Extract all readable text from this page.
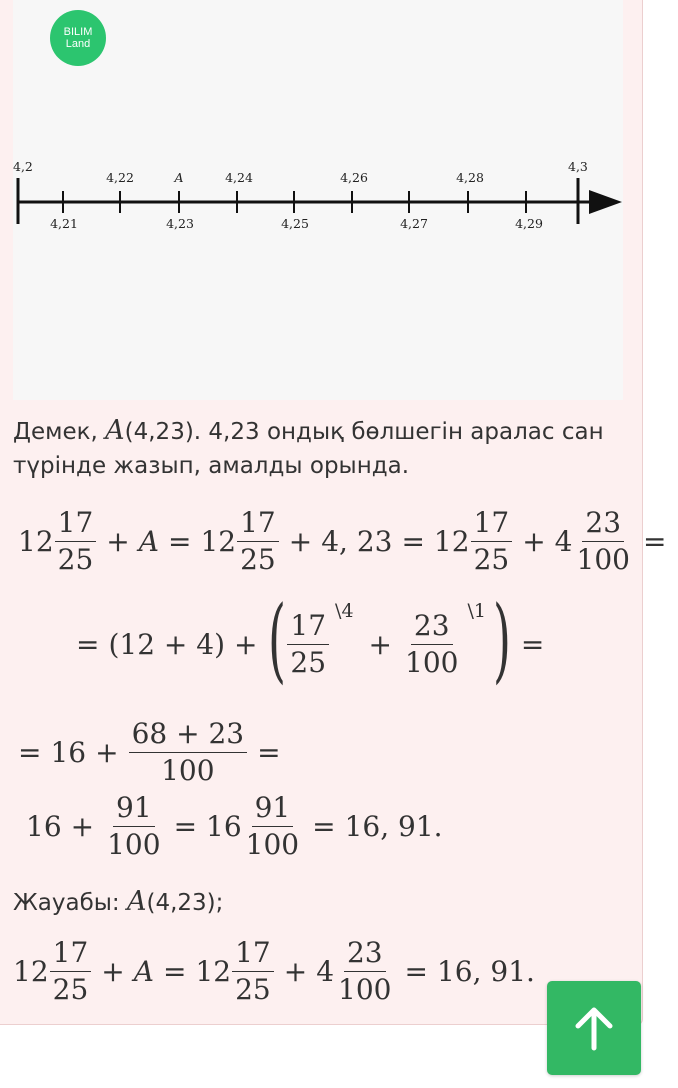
BILIM
Land
4,2	4,3
4,22	A	4,24	4,26	4,28
4,21	4,23	4,25	4,27	4,29
Демек, A(4,23). 4,23 ондық бөлшегін аралас сан түрінде жазып, амалды орында.
$12 \frac{17}{25} + A = 12 \frac{17}{25} + 4$, $23 = 12 \frac{17}{25} + 4 \frac{23}{100}$ =
= (12 + 4) + ( $\frac{17}{25}$ \4
+ $\frac{23}{100}$ \1 ) =
= $16 + \frac{68 + 23}{100}$ =
$16 + \frac{91}{100} = 16 \frac{91}{100} = 16$, 91.
Жауабы: A(4,23);
$12 \frac{17}{25} + A = 12 \frac{17}{25} + 4 \frac{23}{100} = 16$, 91.
